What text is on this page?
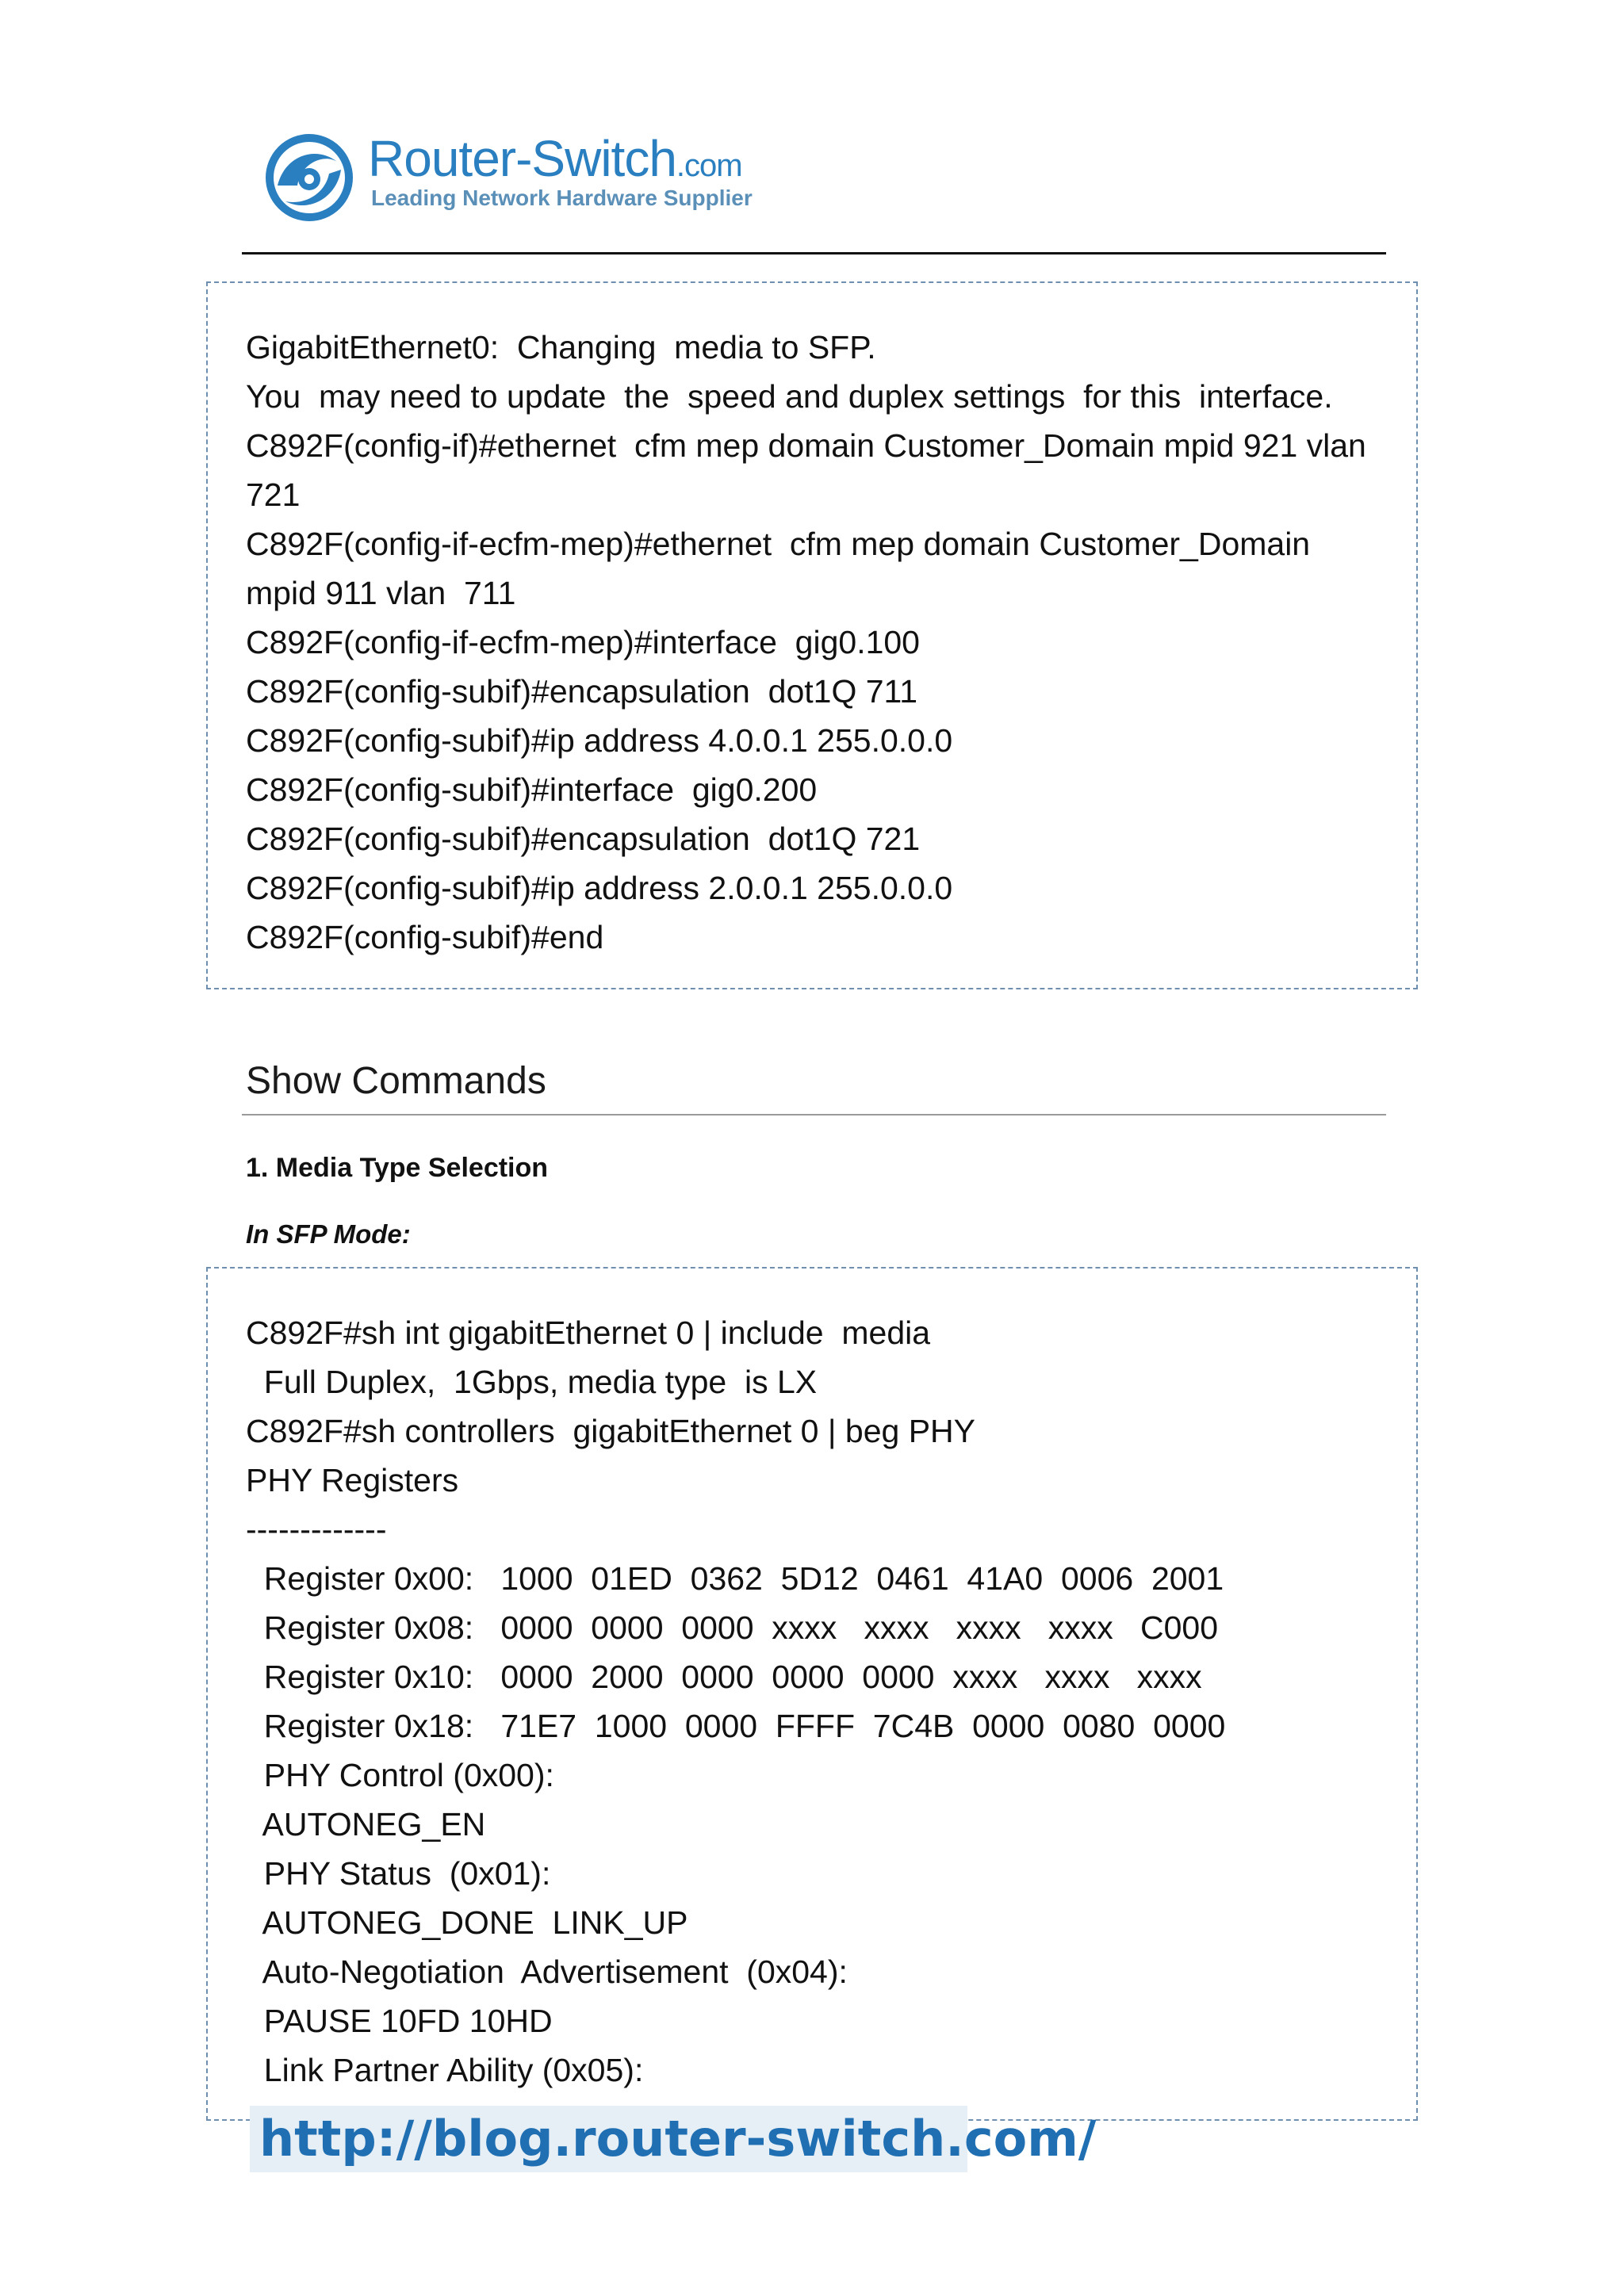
Router-Switch.com
Leading Network Hardware Supplier
GigabitEthernet0:  Changing  media to SFP.
You  may need to update  the  speed and duplex settings  for this  interface.
C892F(config-if)#ethernet  cfm mep domain Customer_Domain mpid 921 vlan
721
C892F(config-if-ecfm-mep)#ethernet  cfm mep domain Customer_Domain
mpid 911 vlan  711
C892F(config-if-ecfm-mep)#interface  gig0.100
C892F(config-subif)#encapsulation  dot1Q 711
C892F(config-subif)#ip address 4.0.0.1 255.0.0.0
C892F(config-subif)#interface  gig0.200
C892F(config-subif)#encapsulation  dot1Q 721
C892F(config-subif)#ip address 2.0.0.1 255.0.0.0
C892F(config-subif)#end
Show Commands
1. Media Type Selection
In SFP Mode:
C892F#sh int gigabitEthernet 0 | include  media
Full Duplex,  1Gbps, media type  is LX
C892F#sh controllers  gigabitEthernet 0 | beg PHY
PHY Registers
-------------
Register 0x00:   1000  01ED  0362  5D12  0461  41A0  0006  2001
Register 0x08:   0000  0000  0000  xxxx   xxxx   xxxx   xxxx   C000
Register 0x10:   0000  2000  0000  0000  0000  xxxx   xxxx   xxxx
Register 0x18:   71E7  1000  0000  FFFF  7C4B  0000  0080  0000
PHY Control (0x00):
AUTONEG_EN
PHY Status  (0x01):
AUTONEG_DONE  LINK_UP
Auto-Negotiation  Advertisement  (0x04):
PAUSE 10FD 10HD
Link Partner Ability (0x05):
http://blog.router-switch.com/
